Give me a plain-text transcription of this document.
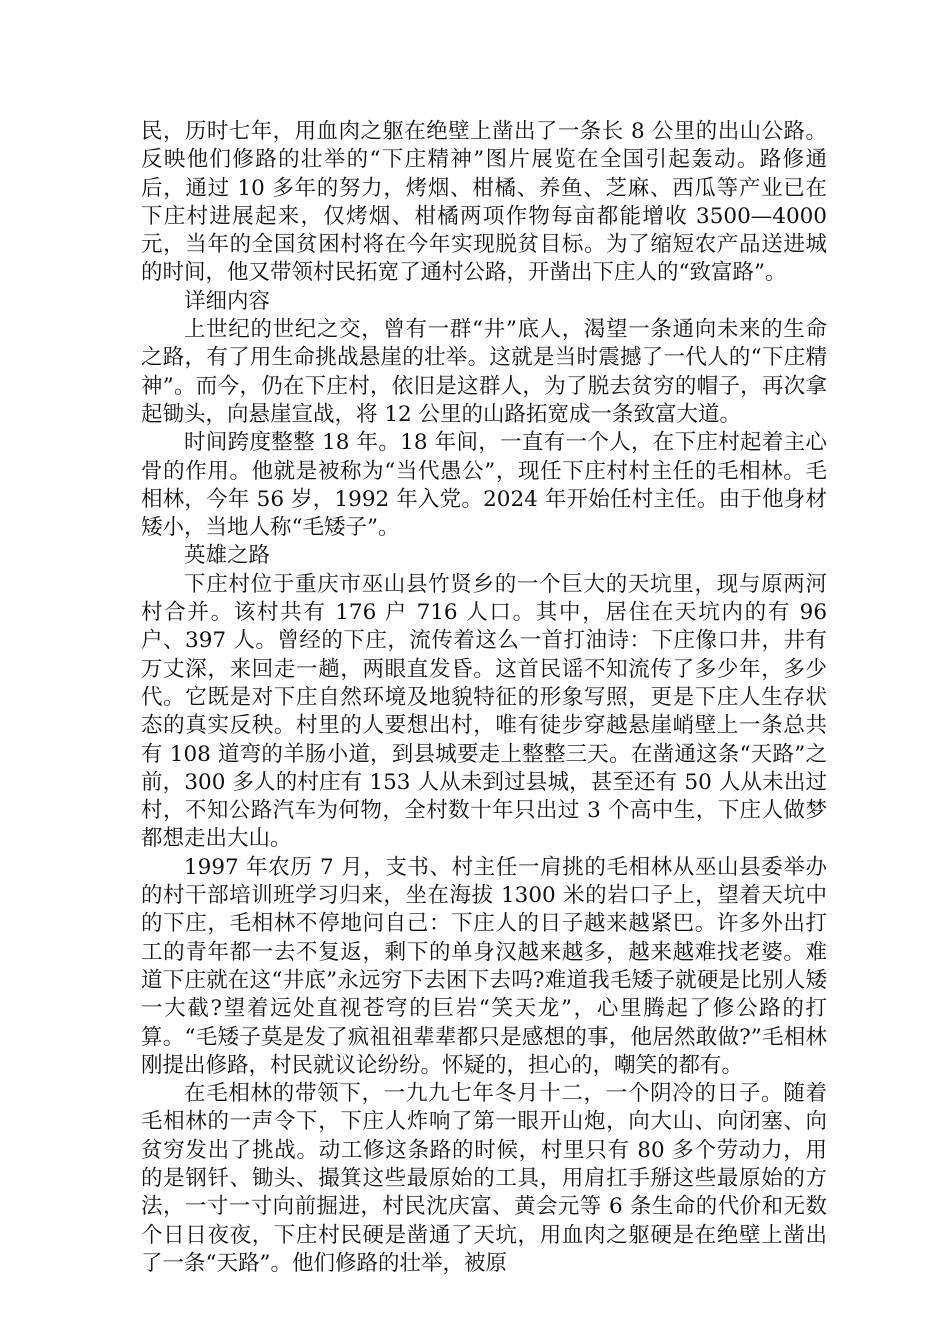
民，历时七年，用血肉之躯在绝壁上凿出了一条长 8 公里的出山公路。反映他们修路的壮举的“下庄精神”图片展览在全国引起轰动。路修通后，通过 10 多年的努力，烤烟、柑橘、养鱼、芝麻、西瓜等产业已在下庄村进展起来，仅烤烟、柑橘两项作物每亩都能增收 3500—4000 元，当年的全国贫困村将在今年实现脱贫目标。为了缩短农产品送进城的时间，他又带领村民拓宽了通村公路，开凿出下庄人的“致富路”。

详细内容

上世纪的世纪之交，曾有一群“井”底人，渴望一条通向未来的生命之路，有了用生命挑战悬崖的壮举。这就是当时震撼了一代人的“下庄精神”。而今，仍在下庄村，依旧是这群人，为了脱去贫穷的帽子，再次拿起锄头，向悬崖宣战，将 12 公里的山路拓宽成一条致富大道。

时间跨度整整 18 年。18 年间，一直有一个人，在下庄村起着主心骨的作用。他就是被称为“当代愚公”，现任下庄村村主任的毛相林。毛相林，今年 56 岁，1992 年入党。2024 年开始任村主任。由于他身材矮小，当地人称“毛矮子”。

英雄之路

下庄村位于重庆市巫山县竹贤乡的一个巨大的天坑里，现与原两河村合并。该村共有 176 户 716 人口。其中，居住在天坑内的有 96 户、397 人。曾经的下庄，流传着这么一首打油诗：下庄像口井，井有万丈深，来回走一趟，两眼直发昏。这首民谣不知流传了多少年，多少代。它既是对下庄自然环境及地貌特征的形象写照，更是下庄人生存状态的真实反秧。村里的人要想出村，唯有徒步穿越悬崖峭壁上一条总共有 108 道弯的羊肠小道，到县城要走上整整三天。在凿通这条“天路”之前，300 多人的村庄有 153 人从未到过县城，甚至还有 50 人从未出过村，不知公路汽车为何物，全村数十年只出过 3 个高中生，下庄人做梦都想走出大山。

1997 年农历 7 月，支书、村主任一肩挑的毛相林从巫山县委举办的村干部培训班学习归来，坐在海拔 1300 米的岩口子上，望着天坑中的下庄，毛相林不停地问自己：下庄人的日子越来越紧巴。许多外出打工的青年都一去不复返，剩下的单身汉越来越多，越来越难找老婆。难道下庄就在这“井底”永远穷下去困下去吗?难道我毛矮子就硬是比别人矮一大截?望着远处直视苍穹的巨岩“笑天龙”，心里腾起了修公路的打算。“毛矮子莫是发了疯祖祖辈辈都只是感想的事，他居然敢做?”毛相林刚提出修路，村民就议论纷纷。怀疑的，担心的，嘲笑的都有。

在毛相林的带领下，一九九七年冬月十二，一个阴冷的日子。随着毛相林的一声令下，下庄人炸响了第一眼开山炮，向大山、向闭塞、向贫穷发出了挑战。动工修这条路的时候，村里只有 80 多个劳动力，用的是钢钎、锄头、撮箕这些最原始的工具，用肩扛手掰这些最原始的方法，一寸一寸向前掘进，村民沈庆富、黄会元等 6 条生命的代价和无数个日日夜夜，下庄村民硬是凿通了天坑，用血肉之躯硬是在绝壁上凿出了一条“天路”。他们修路的壮举，被原
